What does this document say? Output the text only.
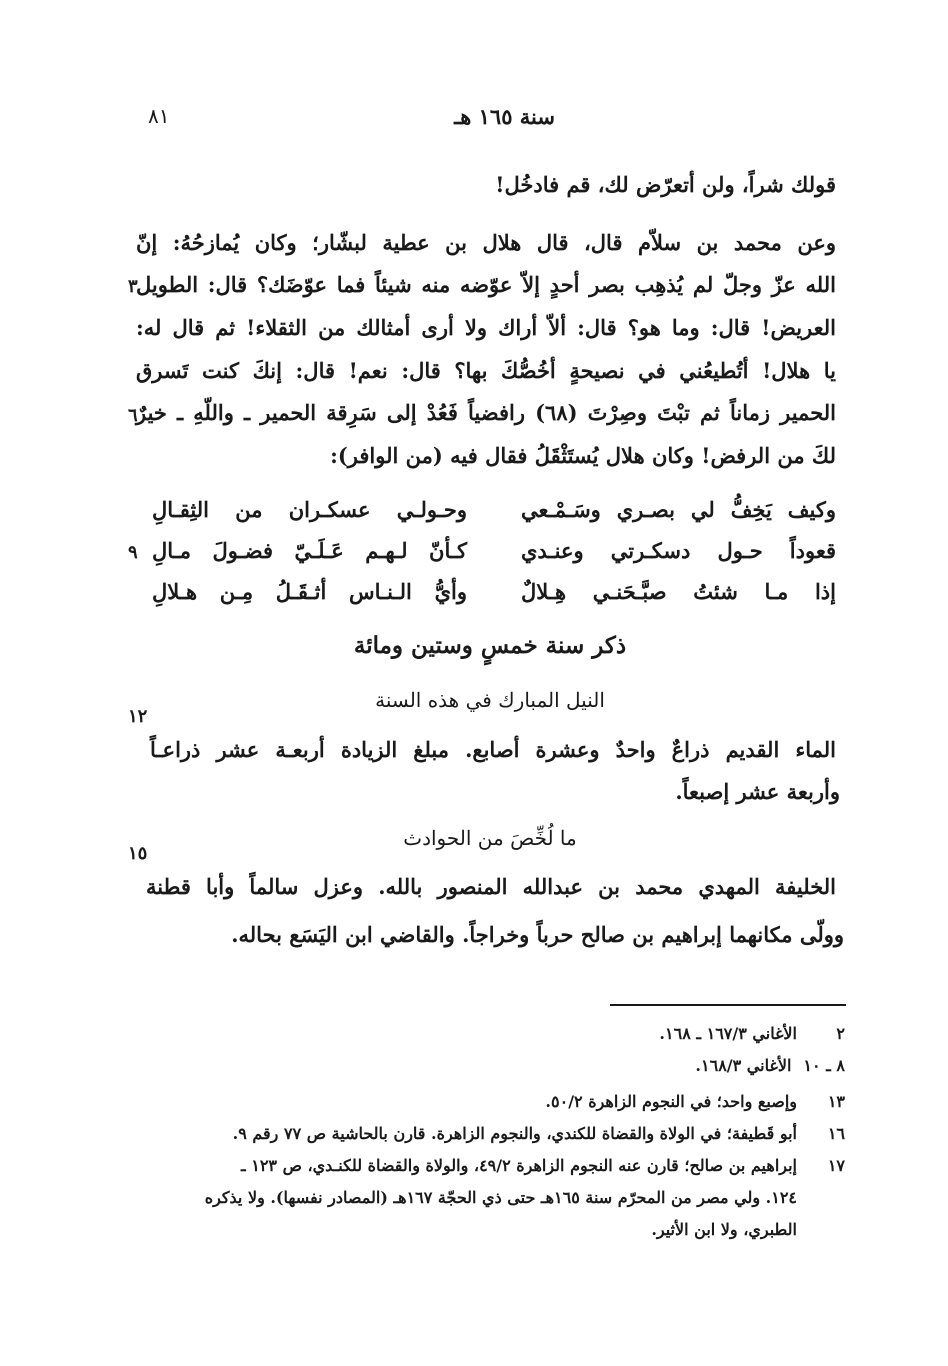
٨١	سنة ١٦٥ هـ
قولك شراً، ولن أتعرّض لك، قم فادخُل!
وعن محمد بن سلاّم قال، قال هلال بن عطية لبشّار؛ وكان يُمازحُهُ: إنّ
الله عزّ وجلّ لم يُذهِب بصر أحدٍ إلاّ عوّضه منه شيئاً فما عوّضَك؟ قال: الطويل
العريض! قال: وما هو؟ قال: ألاّ أراك ولا أرى أمثالك من الثقلاء! ثم قال له:
يا هلال! أتُطيعُني في نصيحةٍ أخُصُّكَ بها؟ قال: نعم! قال: إنكَ كنت تَسرق
الحمير زماناً ثم تبْتَ وصِرْتَ (٦٨) رافضياً فَعُدْ إلى سَرِقة الحمير ـ واللّهِ ـ خيرٌ
لكَ من الرفض! وكان هلال يُستَثْقَلُ فقال فيه (من الوافر):
٣
٦
٩
١٢
١٥
وكيف يَخِفُّ لي بصـري وسَـمْـعي
وحـولـي عسكـران من الثِقـالِ
قعوداً حـول دسكـرتي وعنـدي
كـأنّ لـهـم عَـلَـيّ فضـولَ مـالِ
إذا مـا شئتُ صبَّـحَنـي هِـلالٌ
وأيُّ الـنـاس أثـقَـلُ مِـن هـلالِ
ذكر سنة خمسٍ وستين ومائة
النيل المبارك في هذه السنة
الماء القديم ذراعٌ واحدٌ وعشرة أصابع. مبلغ الزيادة أربعـة عشر ذراعـاً
وأربعة عشر إصبعاً.
ما لُخِّصَ من الحوادث
الخليفة المهدي محمد بن عبدالله المنصور بالله. وعزل سالماً وأبا قطنة
وولّى مكانهما إبراهيم بن صالح حرباً وخراجاً. والقاضي ابن اليَسَع بحاله.
٢الأغاني ١٦٧/٣ ـ ١٦٨.
٨ ـ ١٠الأغاني ١٦٨/٣.
١٣وإصبع واحد؛ في النجوم الزاهرة ٥٠/٢.
١٦أبو قَطيفة؛ في الولاة والقضاة للكندي، والنجوم الزاهرة. قارن بالحاشية ص ٧٧ رقم ٩.
١٧إبراهيم بن صالح؛ قارن عنه النجوم الزاهرة ٤٩/٢، والولاة والقضاة للكنـدي، ص ١٢٣ ـ
١٢٤. ولي مصر من المحرّم سنة ١٦٥هـ حتى ذي الحجّة ١٦٧هـ (المصادر نفسها). ولا يذكره
الطبري، ولا ابن الأثير.
